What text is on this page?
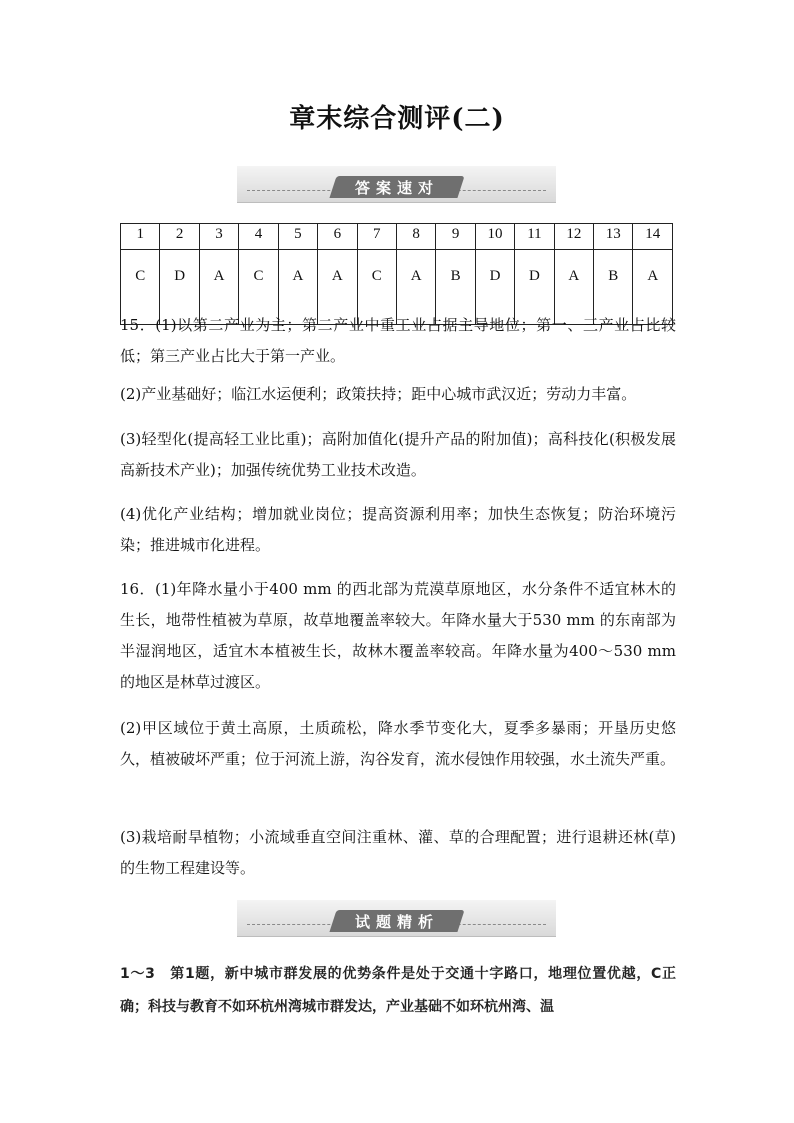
章末综合测评(二)
答案速对
1	2	3	4	5	6	7	8	9	10	11	12	13	14
C	D	A	C	A	A	C	A	B	D	D	A	B	A

15．(1)以第二产业为主；第二产业中重工业占据主导地位；第一、三产业占比较低；第三产业占比大于第一产业。

(2)产业基础好；临江水运便利；政策扶持；距中心城市武汉近；劳动力丰富。

(3)轻型化(提高轻工业比重)；高附加值化(提升产品的附加值)；高科技化(积极发展高新技术产业)；加强传统优势工业技术改造。

(4)优化产业结构；增加就业岗位；提高资源利用率；加快生态恢复；防治环境污染；推进城市化进程。

16．(1)年降水量小于400 mm 的西北部为荒漠草原地区，水分条件不适宜林木的生长，地带性植被为草原，故草地覆盖率较大。年降水量大于530 mm 的东南部为半湿润地区，适宜木本植被生长，故林木覆盖率较高。年降水量为400～530 mm 的地区是林草过渡区。

(2)甲区域位于黄土高原，土质疏松，降水季节变化大，夏季多暴雨；开垦历史悠久，植被破坏严重；位于河流上游，沟谷发育，流水侵蚀作用较强，水土流失严重。

(3)栽培耐旱植物；小流域垂直空间注重林、灌、草的合理配置；进行退耕还林(草)的生物工程建设等。

试题精析

1～3　第1题，新中城市群发展的优势条件是处于交通十字路口，地理位置优越，C正确；科技与教育不如环杭州湾城市群发达，产业基础不如环杭州湾、温
